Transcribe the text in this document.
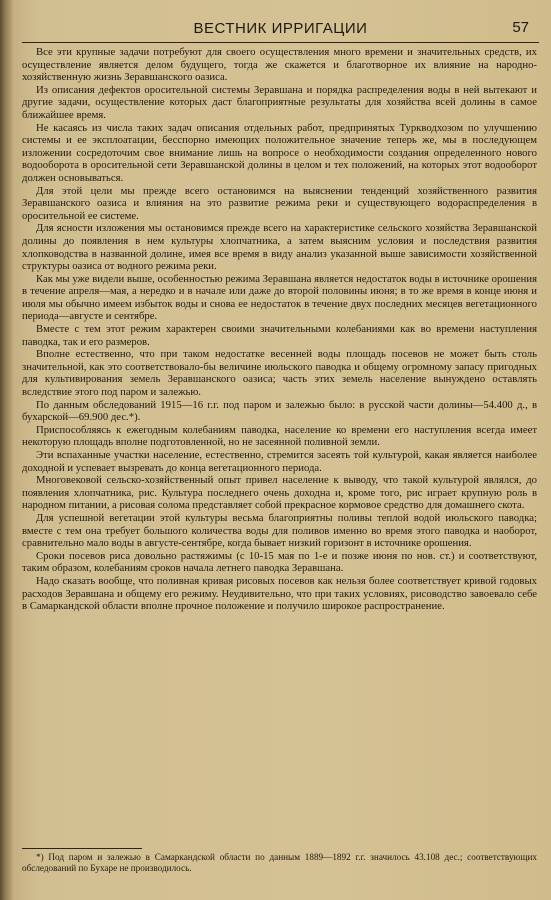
ВЕСТНИК ИРРИГАЦИИ	57

Все эти крупные задачи потребуют для своего осуществления много времени и значительных средств, их осуществление является делом будущего, тогда же скажется и благотворное их влияние на народно-хозяйственную жизнь Зеравшанского оазиса.

Из описания дефектов оросительной системы Зеравшана и порядка распределения воды в ней вытекают и другие задачи, осуществление которых даст благоприятные результаты для хозяйства всей долины в самое ближайшее время.

Не касаясь из числа таких задач описания отдельных работ, предпринятых Туркводхозом по улучшению системы и ее эксплоатации, бесспорно имеющих положительное значение теперь же, мы в последующем изложении сосредоточим свое внимание лишь на вопросе о необходимости создания определенного нового водооборота в оросительной сети Зеравшанской долины в целом и тех положений, на которых этот водооборот должен основываться.

Для этой цели мы прежде всего остановимся на выяснении тенденций хозяйственного развития Зеравшанского оазиса и влияния на это развитие режима реки и существующего водораспределения в оросительной ее системе.

Для ясности изложения мы остановимся прежде всего на характеристике сельского хозяйства Зеравшанской долины до появления в нем культуры хлопчатника, а затем выясним условия и последствия развития хлопководства в названной долине, имея все время в виду анализ указанной выше зависимости хозяйственной структуры оазиса от водного режима реки.

Как мы уже видели выше, особенностью режима Зеравшана является недостаток воды в источнике орошения в течение апреля—мая, а нередко и в начале или даже до второй половины июня; в то же время в конце июня и июля мы обычно имеем избыток воды и снова ее недостаток в течение двух последних месяцев вегетационного периода—августе и сентябре.

Вместе с тем этот режим характерен своими значительными колебаниями как во времени наступления паводка, так и его размеров.

Вполне естественно, что при таком недостатке весенней воды площадь посевов не может быть столь значительной, как это соответствовало-бы величине июльского паводка и общему огромному запасу пригодных для культивирования земель Зеравшанского оазиса; часть этих земель население вынуждено оставлять вследствие этого под паром и залежью.

По данным обследований 1915—16 г.г. под паром и залежью было: в русской части долины—54.400 д., в бухарской—69.900 дес.*).

Приспособляясь к ежегодным колебаниям паводка, население ко времени его наступления всегда имеет некоторую площадь вполне подготовленной, но не засеянной поливной земли.

Эти вспаханные участки население, естественно, стремится засеять той культурой, какая является наиболее доходной и успевает вызревать до конца вегетационного периода.

Многовековой сельско-хозяйственный опыт привел население к выводу, что такой культурой являлся, до появления хлопчатника, рис. Культура последнего очень доходна и, кроме того, рис играет крупную роль в народном питании, а рисовая солома представляет собой прекрасное кормовое средство для домашнего скота.

Для успешной вегетации этой культуры весьма благоприятны поливы теплой водой июльского паводка; вместе с тем она требует большого количества воды для поливов именно во время этого паводка и наоборот, сравнительно мало воды в августе-сентябре, когда бывает низкий горизонт в источнике орошения.

Сроки посевов риса довольно растяжимы (с 10-15 мая по 1-е и позже июня по нов. ст.) и соответствуют, таким образом, колебаниям сроков начала летнего паводка Зеравшана.

Надо сказать вообще, что поливная кривая рисовых посевов как нельзя более соответствует кривой годовых расходов Зеравшана и общему его режиму. Неудивительно, что при таких условиях, рисоводство завоевало себе в Самаркандской области вполне прочное положение и получило широкое распространение.

*) Под паром и залежью в Самаркандской области по данным 1889—1892 г.г. значилось 43.108 дес.; соответствующих обследований по Бухаре не производилось.
